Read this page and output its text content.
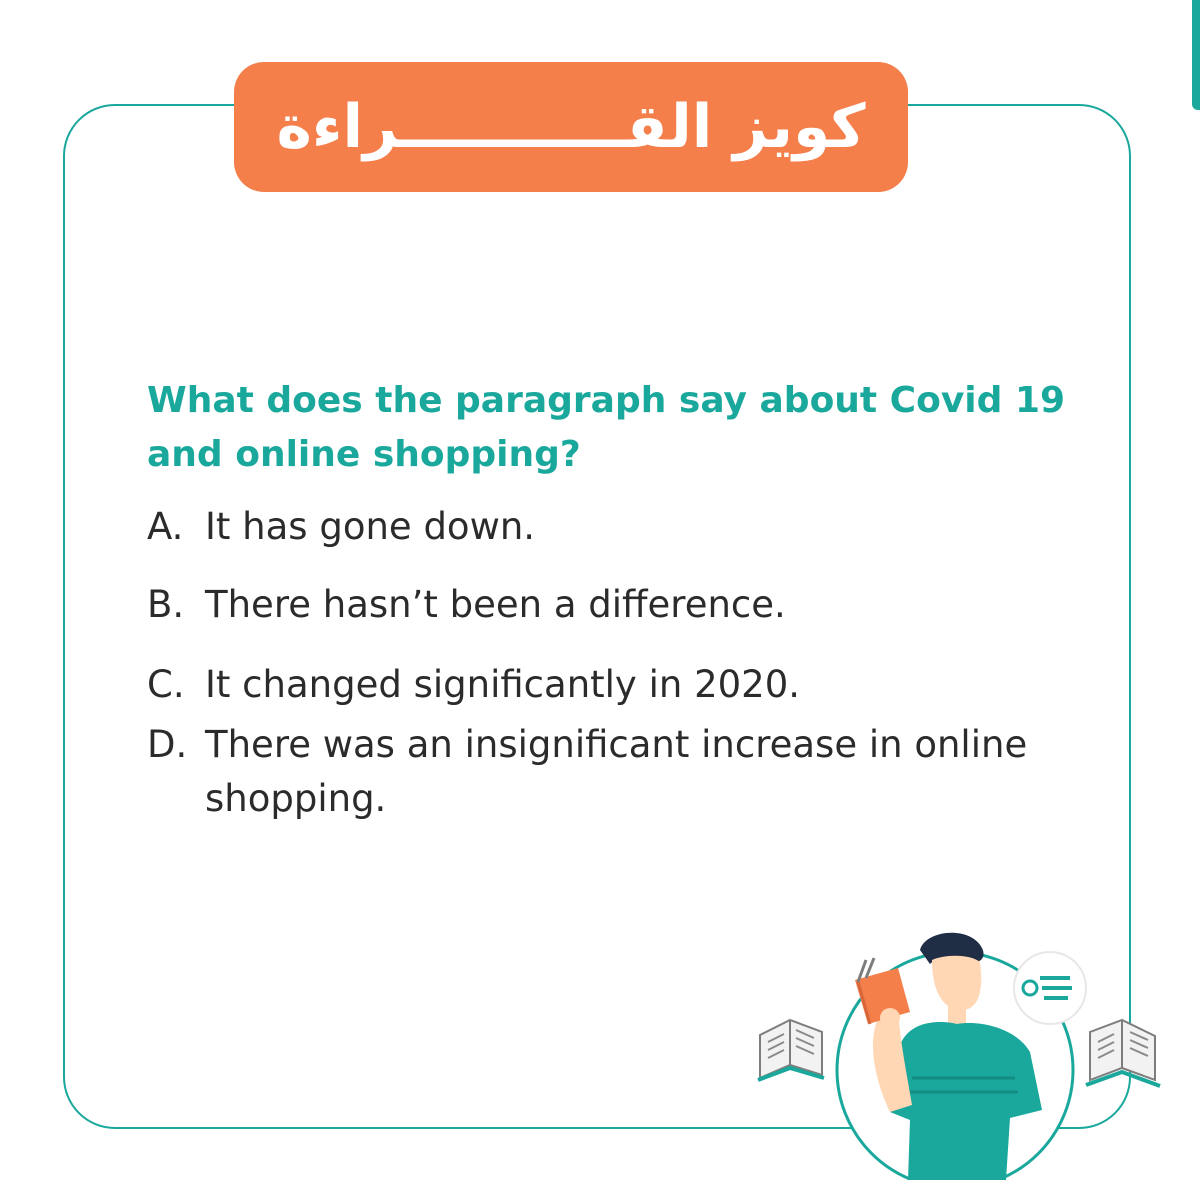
كويز القـــــــــــراءة
What does the paragraph say about Covid 19 and online shopping?
A. It has gone down.
B. There hasn’t been a difference.
C. It changed significantly in 2020.
D. There was an insignificant increase in online shopping.
